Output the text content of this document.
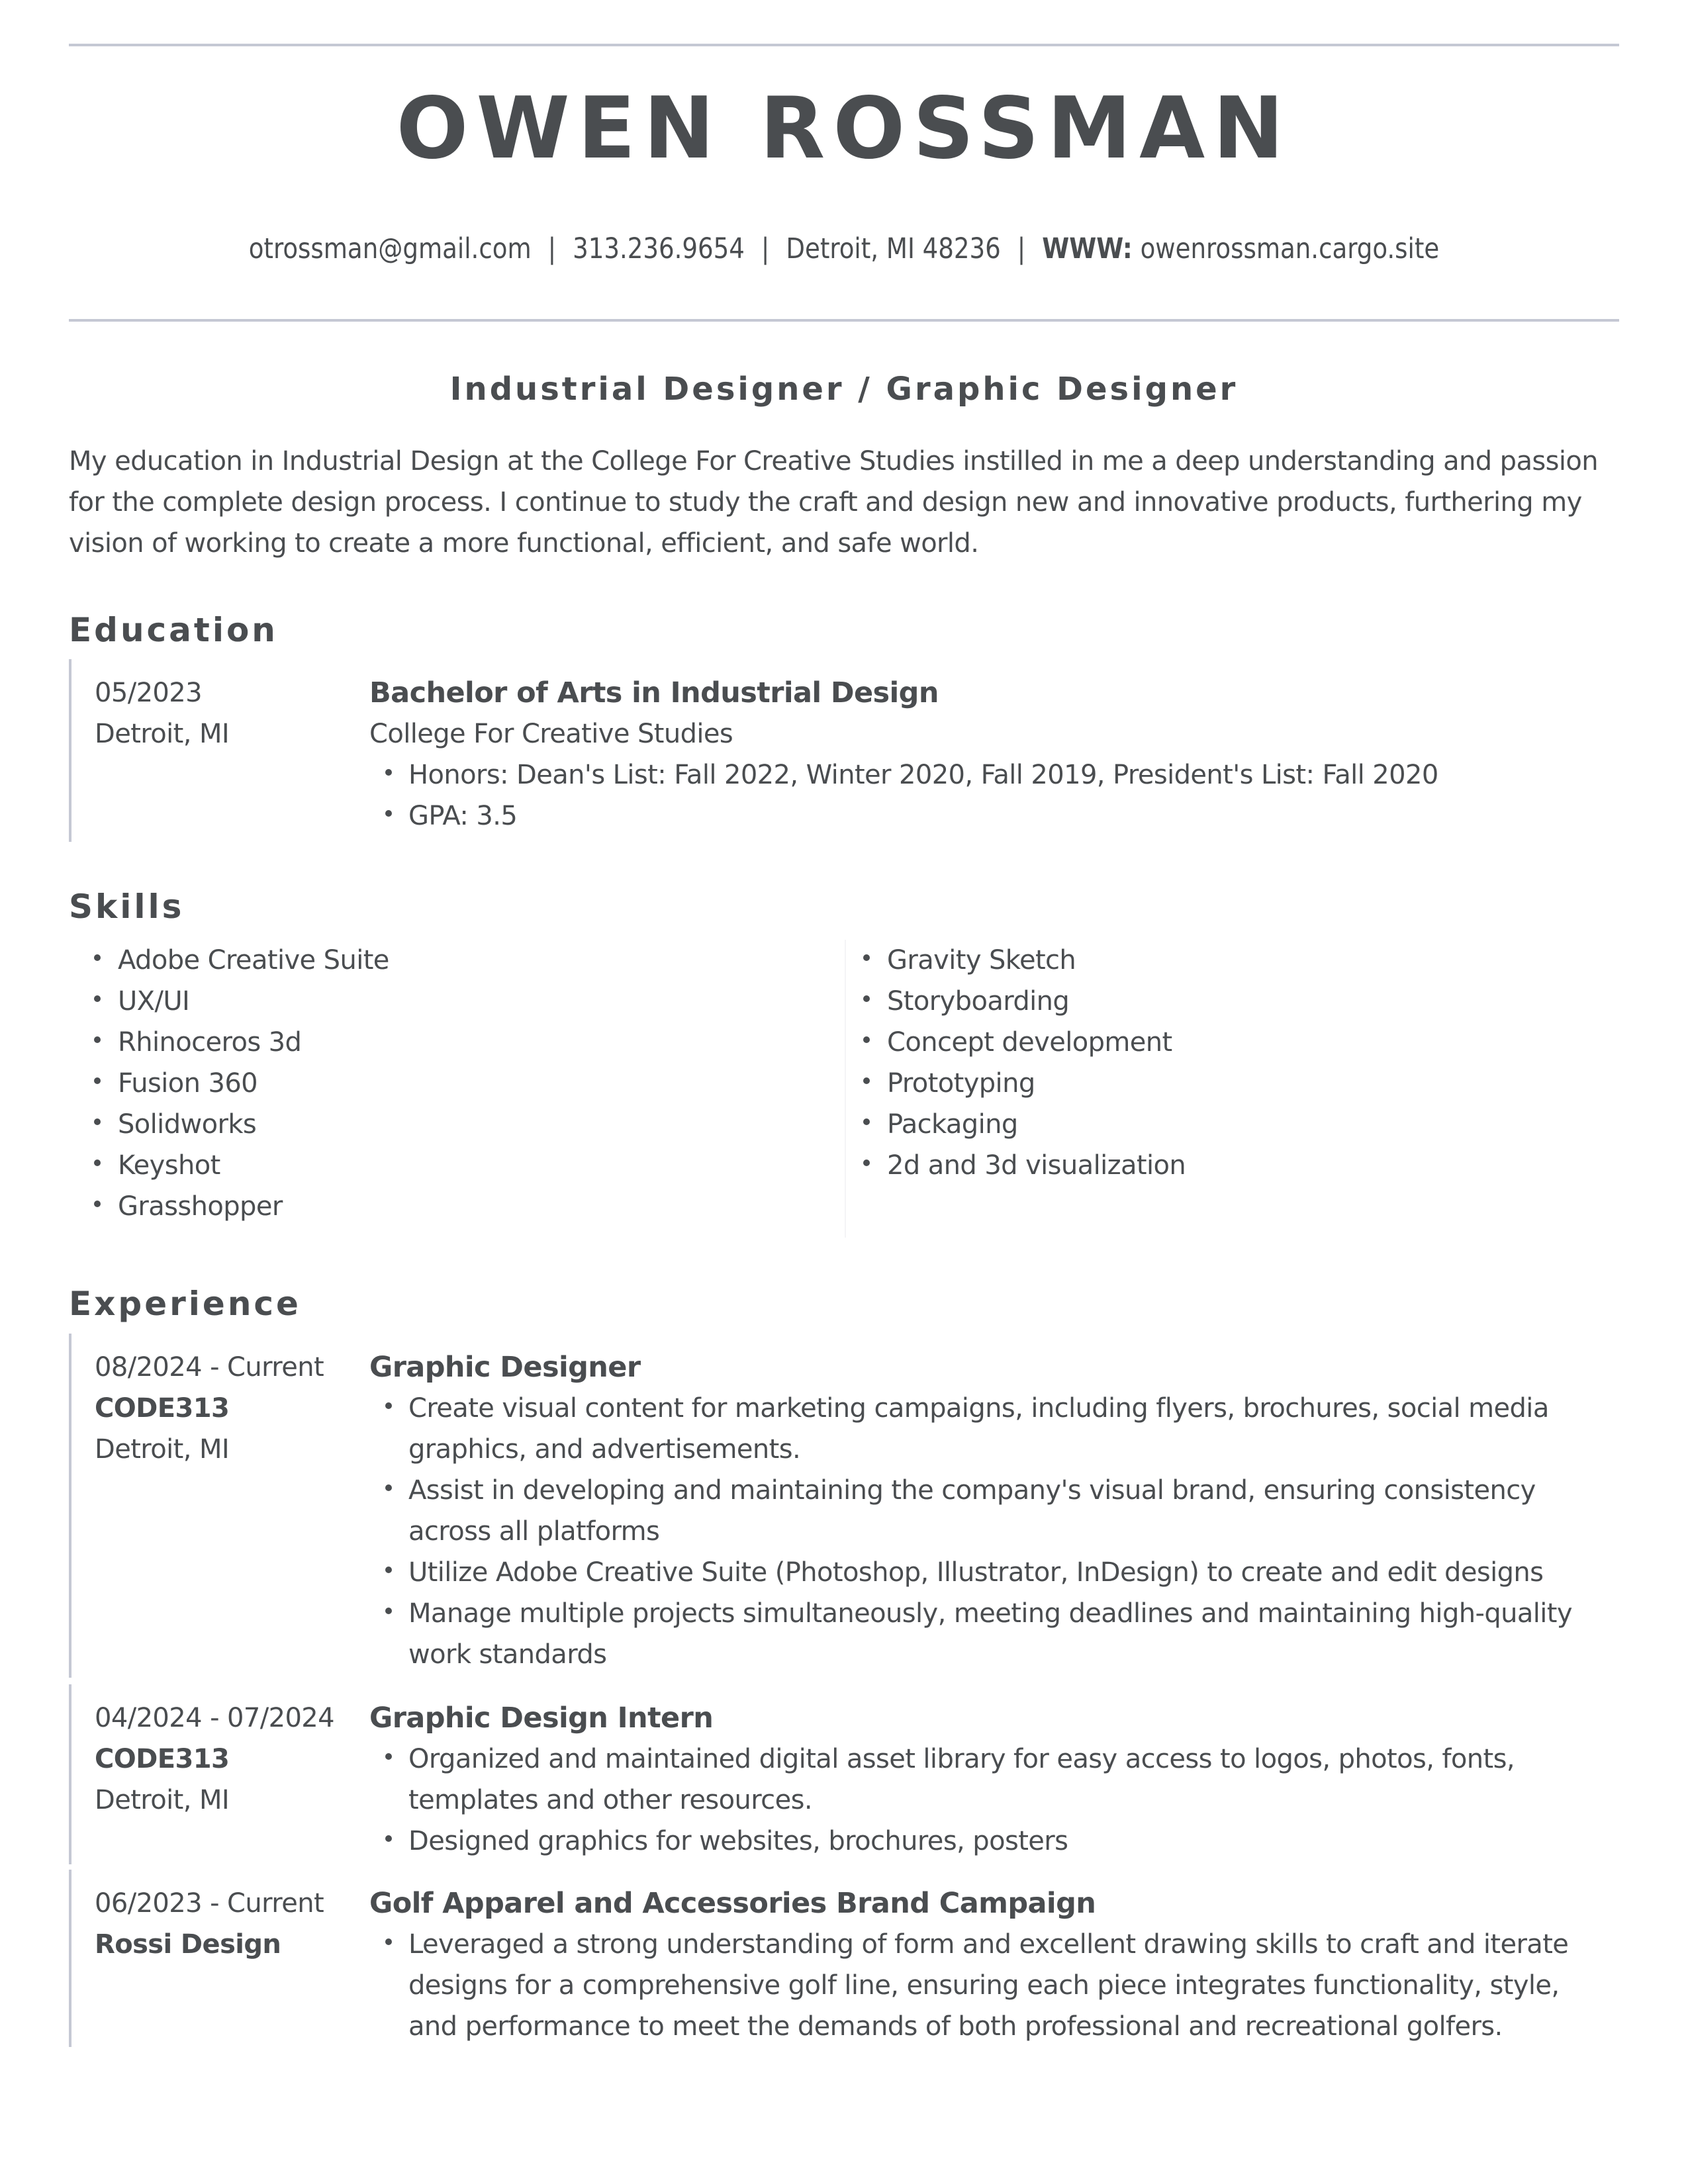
OWEN ROSSMAN
otrossman@gmail.com | 313.236.9654 | Detroit, MI 48236 | WWW: owenrossman.cargo.site
Industrial Designer / Graphic Designer
My education in Industrial Design at the College For Creative Studies instilled in me a deep understanding and passion for the complete design process. I continue to study the craft and design new and innovative products, furthering my vision of working to create a more functional, efficient, and safe world.
Education
05/2023
Detroit, MI
Bachelor of Arts in Industrial Design
College For Creative Studies
Honors: Dean's List: Fall 2022, Winter 2020, Fall 2019, President's List: Fall 2020
GPA: 3.5
Skills
Adobe Creative Suite
UX/UI
Rhinoceros 3d
Fusion 360
Solidworks
Keyshot
Grasshopper
Gravity Sketch
Storyboarding
Concept development
Prototyping
Packaging
2d and 3d visualization
Experience
08/2024 - Current
CODE313
Detroit, MI
Graphic Designer
Create visual content for marketing campaigns, including flyers, brochures, social media graphics, and advertisements.
Assist in developing and maintaining the company's visual brand, ensuring consistency across all platforms
Utilize Adobe Creative Suite (Photoshop, Illustrator, InDesign) to create and edit designs
Manage multiple projects simultaneously, meeting deadlines and maintaining high-quality work standards
04/2024 - 07/2024
CODE313
Detroit, MI
Graphic Design Intern
Organized and maintained digital asset library for easy access to logos, photos, fonts, templates and other resources.
Designed graphics for websites, brochures, posters
06/2023 - Current
Rossi Design
Golf Apparel and Accessories Brand Campaign
Leveraged a strong understanding of form and excellent drawing skills to craft and iterate designs for a comprehensive golf line, ensuring each piece integrates functionality, style, and performance to meet the demands of both professional and recreational golfers.
